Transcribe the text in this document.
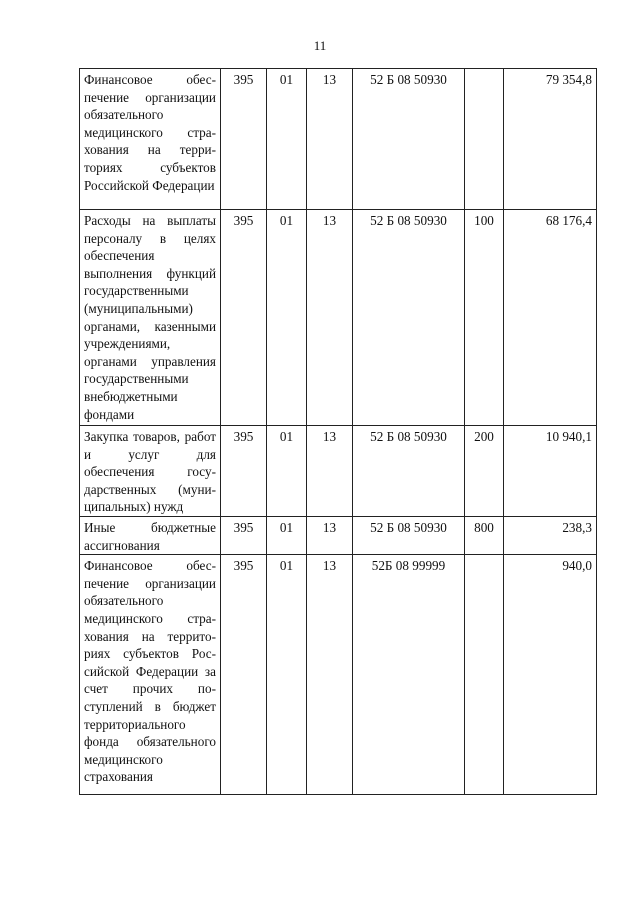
11
Финансовое обеспечение организации обязательного медицинского страхования на территориях субъектов Российской Федерации	395	01	13	52 Б 08 50930		79 354,8
Расходы на выплаты персоналу в целях обеспечения выполнения функций государственными (муниципальными) органами, казенными учреждениями, органами управления государственными внебюджетными фондами	395	01	13	52 Б 08 50930	100	68 176,4
Закупка товаров, работ и услуг для обеспечения государственных (муниципальных) нужд	395	01	13	52 Б 08 50930	200	10 940,1
Иные бюджетные ассигнования	395	01	13	52 Б 08 50930	800	238,3
Финансовое обеспечение организации обязательного медицинского страхования на территориях субъектов Российской Федерации за счет прочих поступлений в бюджет территориального фонда обязательного медицинского страхования	395	01	13	52Б 08 99999		940,0
